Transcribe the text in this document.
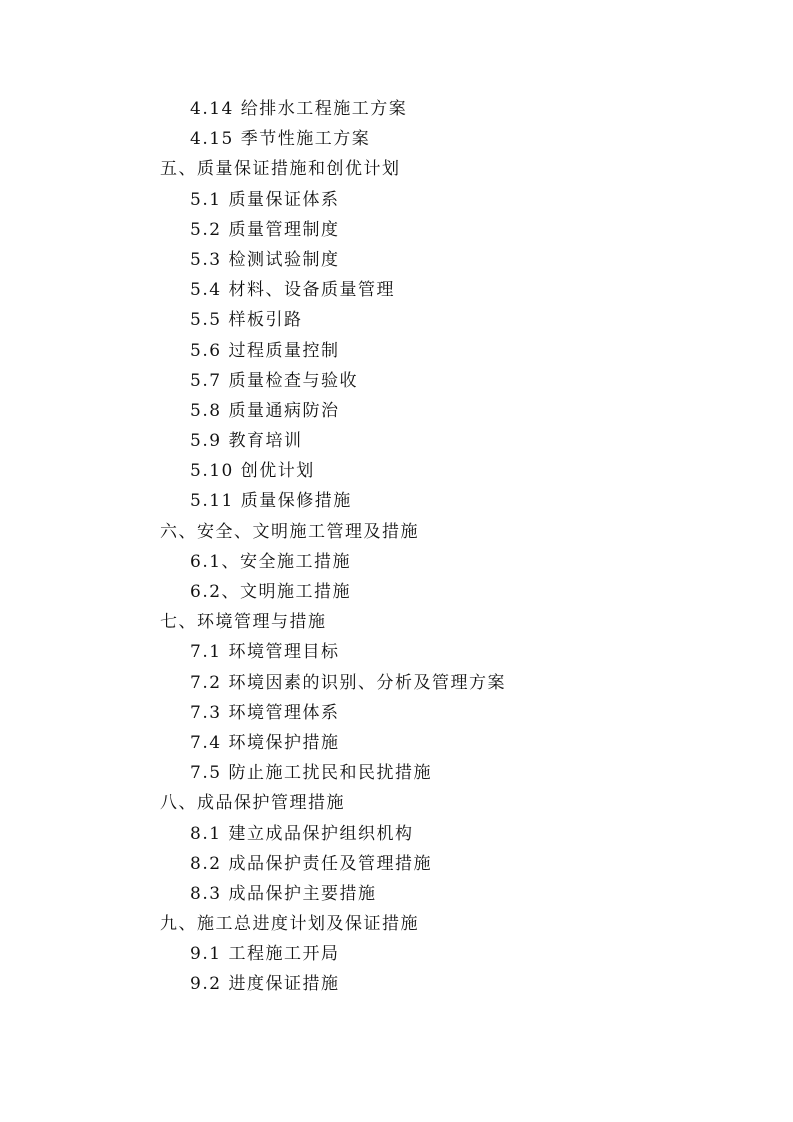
4.14 给排水工程施工方案
4.15 季节性施工方案
五、质量保证措施和创优计划
5.1 质量保证体系
5.2 质量管理制度
5.3 检测试验制度
5.4 材料、设备质量管理
5.5 样板引路
5.6 过程质量控制
5.7 质量检查与验收
5.8 质量通病防治
5.9 教育培训
5.10 创优计划
5.11 质量保修措施
六、安全、文明施工管理及措施
6.1、安全施工措施
6.2、文明施工措施
七、环境管理与措施
7.1 环境管理目标
7.2 环境因素的识别、分析及管理方案
7.3 环境管理体系
7.4 环境保护措施
7.5 防止施工扰民和民扰措施
八、成品保护管理措施
8.1 建立成品保护组织机构
8.2 成品保护责任及管理措施
8.3 成品保护主要措施
九、施工总进度计划及保证措施
9.1 工程施工开局
9.2 进度保证措施
